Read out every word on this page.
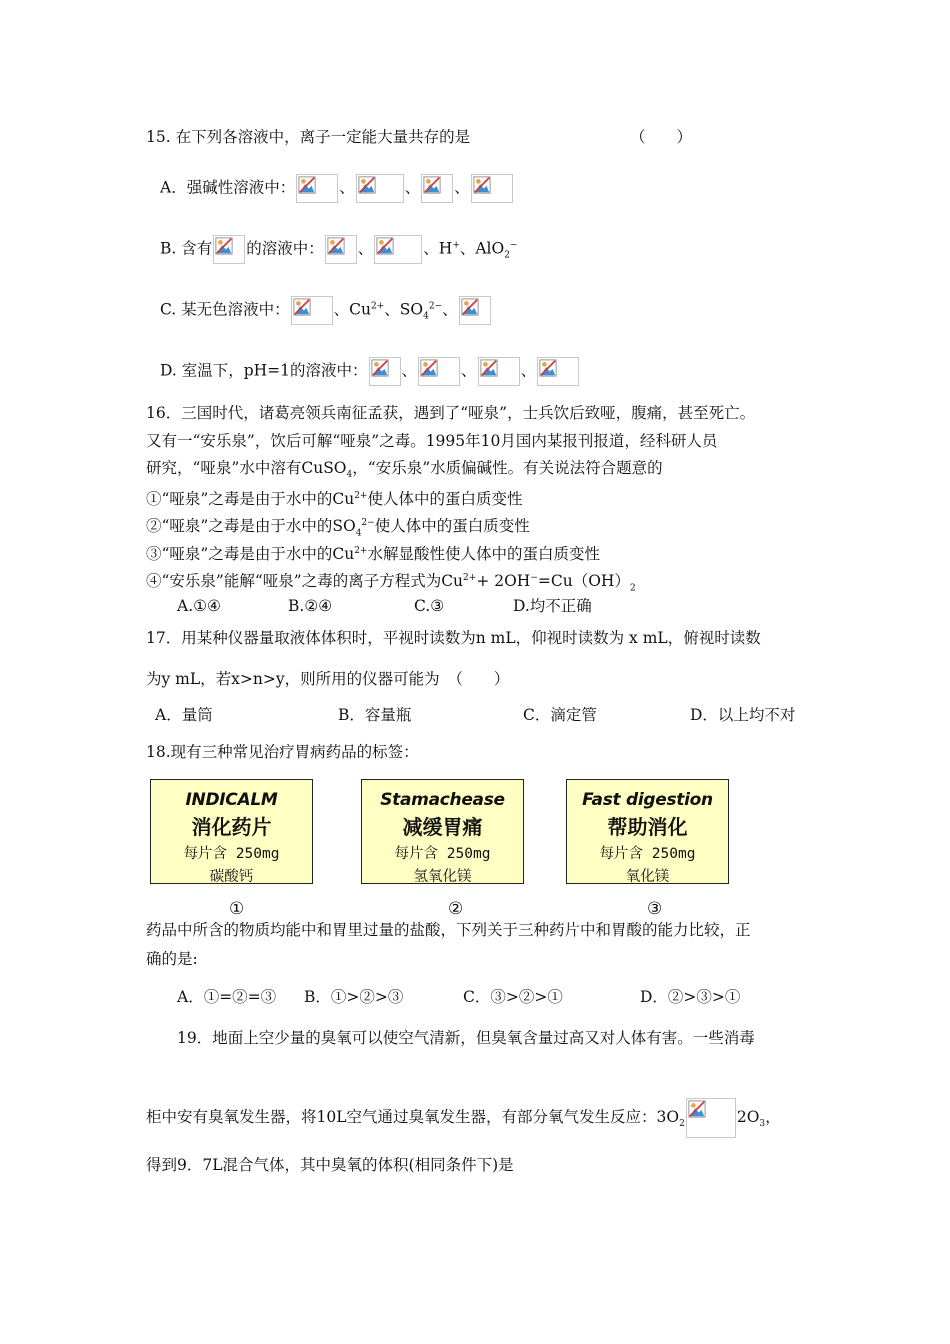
15. 在下列各溶液中，离子一定能大量共存的是	（　　）
A．强碱性溶液中：	、	、 、
B. 含有 的溶液中： 、	、H+、AlO$_2$−
C. 某无色溶液中：	、$Cu^{2+}$、$SO_4^{2-}$、
D. 室温下，pH=1的溶液中： 、	、	、
16．三国时代，诸葛亮领兵南征孟获，遇到了“哑泉”，士兵饮后致哑，腹痛，甚至死亡。
又有一“安乐泉”，饮后可解“哑泉”之毒。1995年10月国内某报刊报道，经科研人员
研究，“哑泉”水中溶有CuSO$_4$，“安乐泉”水质偏碱性。有关说法符合题意的
①“哑泉”之毒是由于水中的$Cu^{2+}$使人体中的蛋白质变性
②“哑泉”之毒是由于水中的$SO_4^{2-}$使人体中的蛋白质变性
③“哑泉”之毒是由于水中的$Cu^{2+}$水解显酸性使人体中的蛋白质变性
④“安乐泉”能解“哑泉”之毒的离子方程式为$Cu^{2+}+ 2OH^-=Cu(OH)_2$
A.①④	B.②④	C.③	D.均不正确
17．用某种仪器量取液体体积时，平视时读数为n mL，仰视时读数为 x mL，俯视时读数
为y mL，若x>n>y，则所用的仪器可能为　（　　）
A．量筒	B．容量瓶	C．滴定管	D．以上均不对
18.现有三种常见治疗胃病药品的标签：
INDICALM
消化药片
每片含 250mg
碳酸钙
Stamachease
减缓胃痛
每片含 250mg
氢氧化镁
Fast digestion
帮助消化
每片含 250mg
氧化镁
①	②	③
药品中所含的物质均能中和胃里过量的盐酸，下列关于三种药片中和胃酸的能力比较，正
确的是:
A．①=②=③ B．①>②>③	C．③>②>①	D．②>③>①
19．地面上空少量的臭氧可以使空气清新，但臭氧含量过高又对人体有害。一些消毒
柜中安有臭氧发生器，将10L空气通过臭氧发生器，有部分氧气发生反应：$3O_2$	$2O_3$，
得到9．7L混合气体，其中臭氧的体积(相同条件下)是
